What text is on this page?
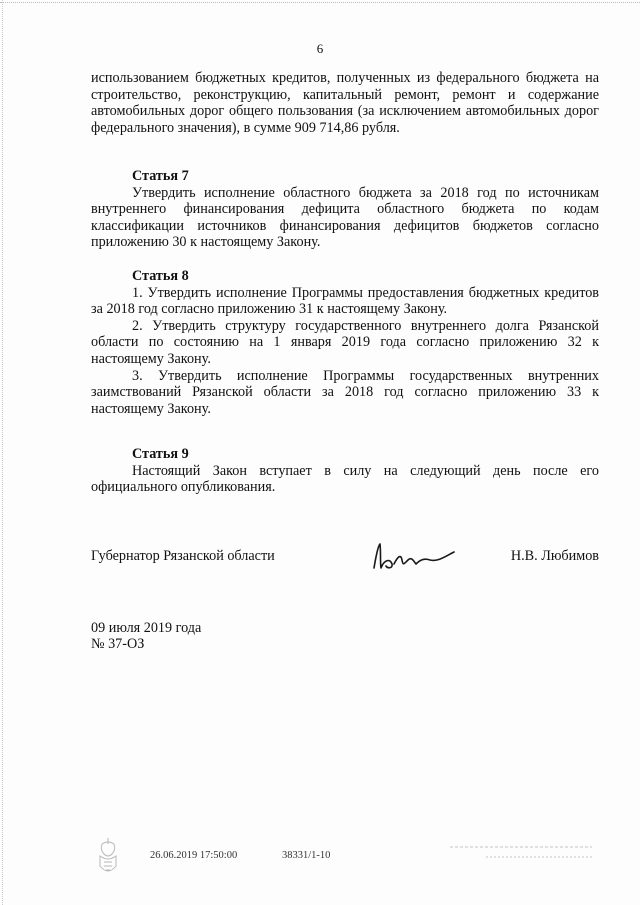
6

использованием бюджетных кредитов, полученных из федерального бюджета на строительство, реконструкцию, капитальный ремонт, ремонт и содержание автомобильных дорог общего пользования (за исключением автомобильных дорог федерального значения), в сумме 909 714,86 рубля.

Статья 7

Утвердить исполнение областного бюджета за 2018 год по источникам внутреннего финансирования дефицита областного бюджета по кодам классификации источников финансирования дефицитов бюджетов согласно приложению 30 к настоящему Закону.

Статья 8

1. Утвердить исполнение Программы предоставления бюджетных кредитов за 2018 год согласно приложению 31 к настоящему Закону.

2. Утвердить структуру государственного внутреннего долга Рязанской области по состоянию на 1 января 2019 года согласно приложению 32 к настоящему Закону.

3. Утвердить исполнение Программы государственных внутренних заимствований Рязанской области за 2018 год согласно приложению 33 к настоящему Закону.

Статья 9

Настоящий Закон вступает в силу на следующий день после его официального опубликования.

Губернатор Рязанской области	Н.В. Любимов
09 июля 2019 года
№ 37-ОЗ
26.06.2019 17:50:00	38331/1-10
